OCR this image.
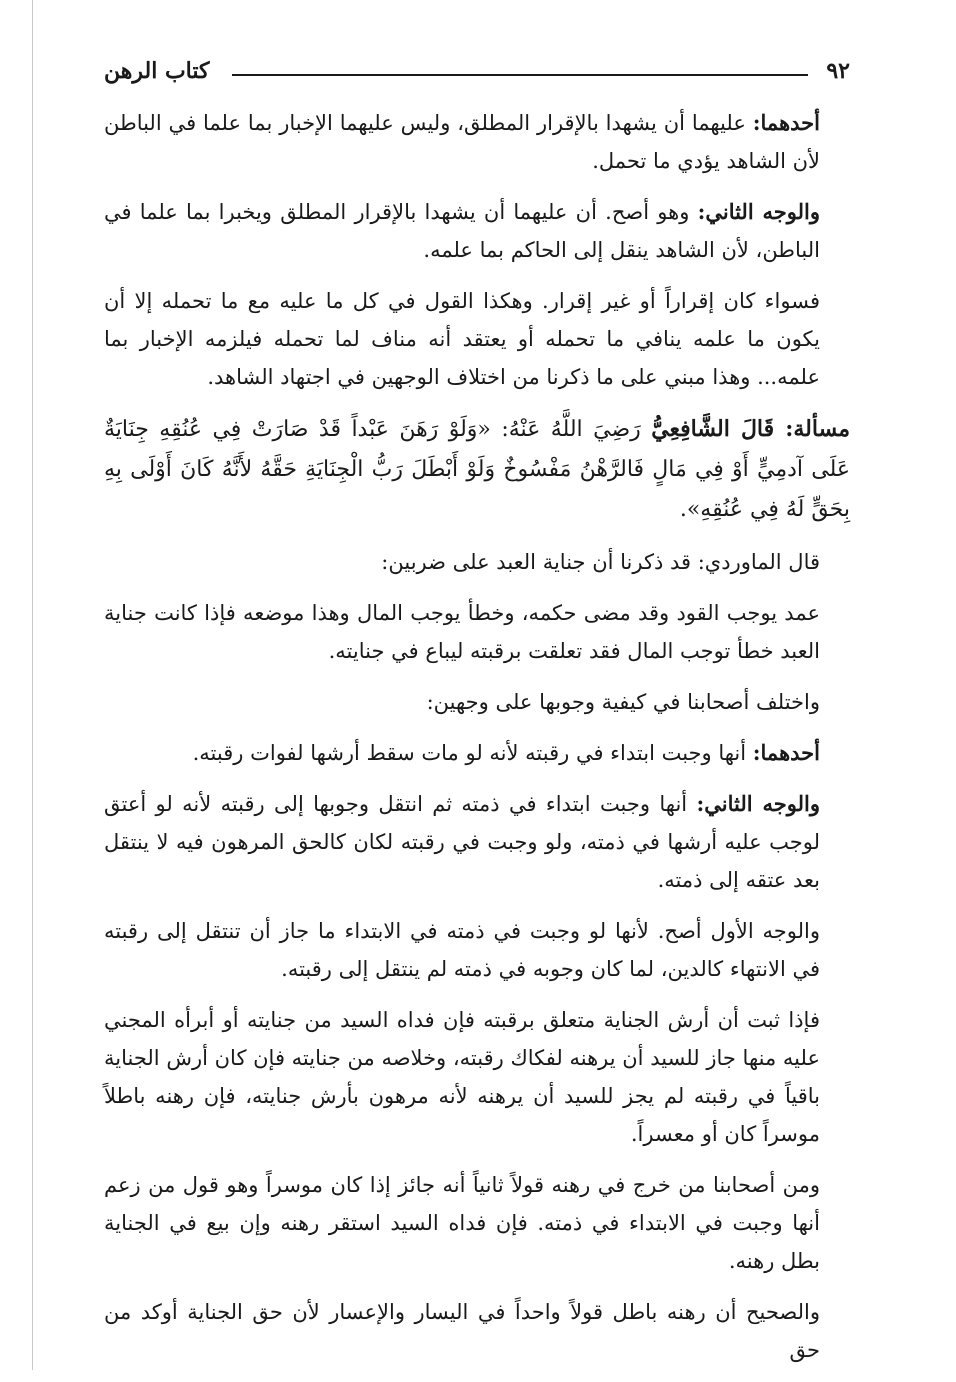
٩٢
كتاب الرهن

أحدهما: عليهما أن يشهدا بالإقرار المطلق، وليس عليهما الإخبار بما علما في الباطن لأن الشاهد يؤدي ما تحمل.

والوجه الثاني: وهو أصح. أن عليهما أن يشهدا بالإقرار المطلق ويخبرا بما علما في الباطن، لأن الشاهد ينقل إلى الحاكم بما علمه.

فسواء كان إقراراً أو غير إقرار. وهكذا القول في كل ما عليه مع ما تحمله إلا أن يكون ما علمه ينافي ما تحمله أو يعتقد أنه مناف لما تحمله فيلزمه الإخبار بما علمه... وهذا مبني على ما ذكرنا من اختلاف الوجهين في اجتهاد الشاهد.

مسألة: قَالَ الشَّافِعِيُّ رَضِيَ اللَّهُ عَنْهُ: «وَلَوْ رَهَنَ عَبْداً قَدْ صَارَتْ فِي عُنُقِهِ جِنَايَةٌ عَلَى آدمِيٍّ أَوْ فِي مَالٍ فَالرَّهْنُ مَفْسُوخٌ وَلَوْ أَبْطَلَ رَبُّ الْجِنَايَةِ حَقَّهُ لأَنَّهُ كَانَ أَوْلَى بِهِ بِحَقٍّ لَهُ فِي عُنُقِهِ».

قال الماوردي: قد ذكرنا أن جناية العبد على ضربين:

عمد يوجب القود وقد مضى حكمه، وخطأ يوجب المال وهذا موضعه فإذا كانت جناية العبد خطأ توجب المال فقد تعلقت برقبته ليباع في جنايته.

واختلف أصحابنا في كيفية وجوبها على وجهين:

أحدهما: أنها وجبت ابتداء في رقبته لأنه لو مات سقط أرشها لفوات رقبته.

والوجه الثاني: أنها وجبت ابتداء في ذمته ثم انتقل وجوبها إلى رقبته لأنه لو أعتق لوجب عليه أرشها في ذمته، ولو وجبت في رقبته لكان كالحق المرهون فيه لا ينتقل بعد عتقه إلى ذمته.

والوجه الأول أصح. لأنها لو وجبت في ذمته في الابتداء ما جاز أن تنتقل إلى رقبته في الانتهاء كالدين، لما كان وجوبه في ذمته لم ينتقل إلى رقبته.

فإذا ثبت أن أرش الجناية متعلق برقبته فإن فداه السيد من جنايته أو أبرأه المجني عليه منها جاز للسيد أن يرهنه لفكاك رقبته، وخلاصه من جنايته فإن كان أرش الجناية باقياً في رقبته لم يجز للسيد أن يرهنه لأنه مرهون بأرش جنايته، فإن رهنه باطلاً موسراً كان أو معسراً.

ومن أصحابنا من خرج في رهنه قولاً ثانياً أنه جائز إذا كان موسراً وهو قول من زعم أنها وجبت في الابتداء في ذمته. فإن فداه السيد استقر رهنه وإن بيع في الجناية بطل رهنه.

والصحيح أن رهنه باطل قولاً واحداً في اليسار والإعسار لأن حق الجناية أوكد من حق
